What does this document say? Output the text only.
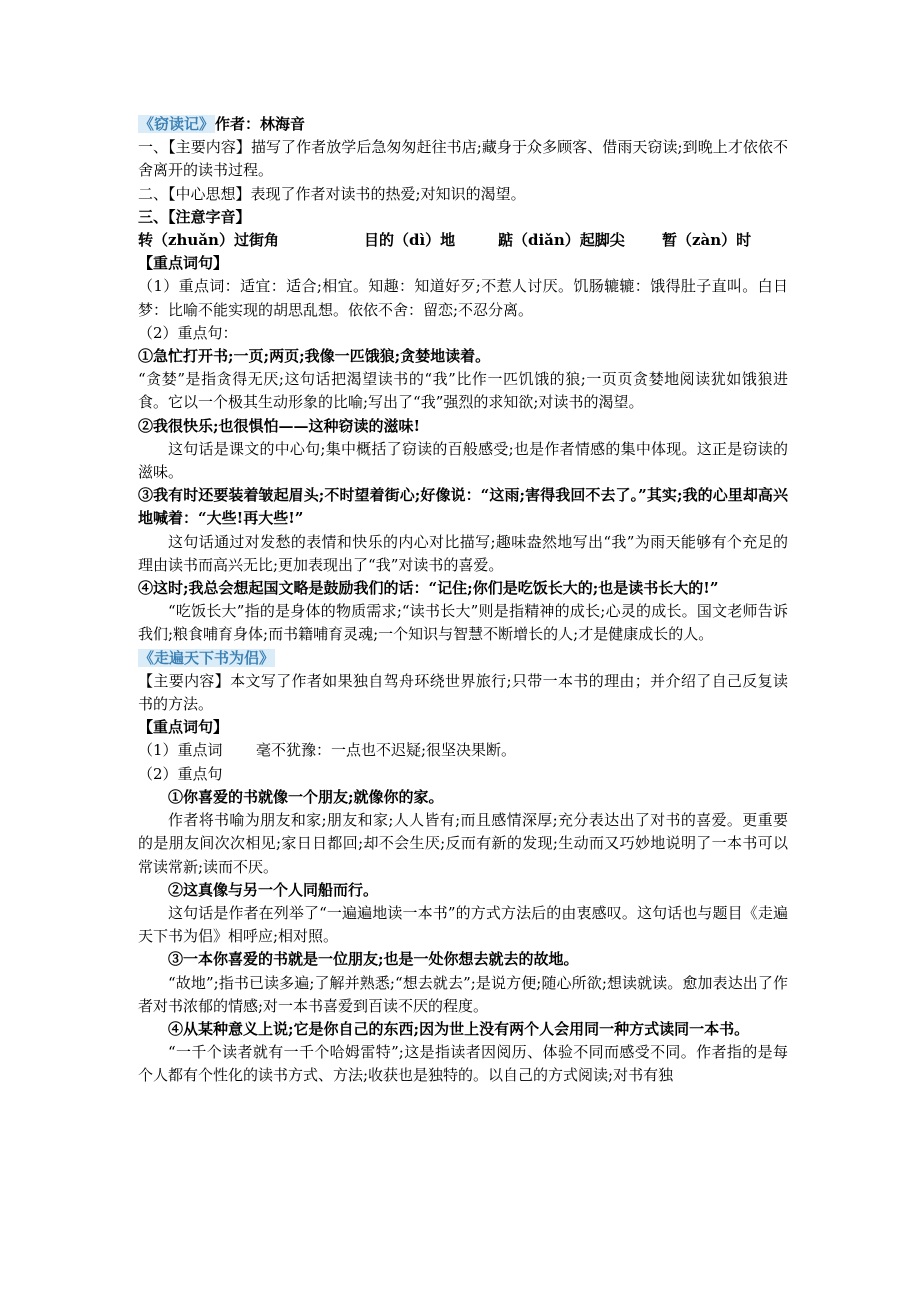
《窃读记》作者：林海音

一、【主要内容】描写了作者放学后急匆匆赶往书店;藏身于众多顾客、借雨天窃读;到晚上才依依不舍离开的读书过程。

二、【中心思想】表现了作者对读书的热爱;对知识的渴望。

三、【注意字音】

转（zhuǎn）过街角	目的（dì）地	踮（diǎn）起脚尖	暂（zàn）时

【重点词句】

（1）重点词：适宜：适合;相宜。知趣：知道好歹;不惹人讨厌。饥肠辘辘：饿得肚子直叫。白日梦：比喻不能实现的胡思乱想。依依不舍：留恋;不忍分离。

（2）重点句：

①急忙打开书;一页;两页;我像一匹饿狼;贪婪地读着。

“贪婪”是指贪得无厌;这句话把渴望读书的“我”比作一匹饥饿的狼;一页页贪婪地阅读犹如饿狼进食。它以一个极其生动形象的比喻;写出了“我”强烈的求知欲;对读书的渴望。

②我很快乐;也很惧怕——这种窃读的滋味!

这句话是课文的中心句;集中概括了窃读的百般感受;也是作者情感的集中体现。这正是窃读的滋味。

③我有时还要装着皱起眉头;不时望着街心;好像说：“这雨;害得我回不去了。”其实;我的心里却高兴地喊着：“大些!再大些!”

这句话通过对发愁的表情和快乐的内心对比描写;趣味盎然地写出“我”为雨天能够有个充足的理由读书而高兴无比;更加表现出了“我”对读书的喜爱。

④这时;我总会想起国文略是鼓励我们的话：“记住;你们是吃饭长大的;也是读书长大的!”

“吃饭长大”指的是身体的物质需求;“读书长大”则是指精神的成长;心灵的成长。国文老师告诉我们;粮食哺育身体;而书籍哺育灵魂;一个知识与智慧不断增长的人;才是健康成长的人。

《走遍天下书为侣》

【主要内容】本文写了作者如果独自驾舟环绕世界旅行;只带一本书的理由；并介绍了自己反复读书的方法。

【重点词句】

（1）重点词 毫不犹豫：一点也不迟疑;很坚决果断。

（2）重点句

①你喜爱的书就像一个朋友;就像你的家。

作者将书喻为朋友和家;朋友和家;人人皆有;而且感情深厚;充分表达出了对书的喜爱。更重要的是朋友间次次相见;家日日都回;却不会生厌;反而有新的发现;生动而又巧妙地说明了一本书可以常读常新;读而不厌。

②这真像与另一个人同船而行。

这句话是作者在列举了“一遍遍地读一本书”的方式方法后的由衷感叹。这句话也与题目《走遍天下书为侣》相呼应;相对照。

③一本你喜爱的书就是一位朋友;也是一处你想去就去的故地。

“故地”;指书已读多遍;了解并熟悉;“想去就去”;是说方便;随心所欲;想读就读。愈加表达出了作者对书浓郁的情感;对一本书喜爱到百读不厌的程度。

④从某种意义上说;它是你自己的东西;因为世上没有两个人会用同一种方式读同一本书。

“一千个读者就有一千个哈姆雷特”;这是指读者因阅历、体验不同而感受不同。作者指的是每个人都有个性化的读书方式、方法;收获也是独特的。以自己的方式阅读;对书有独
